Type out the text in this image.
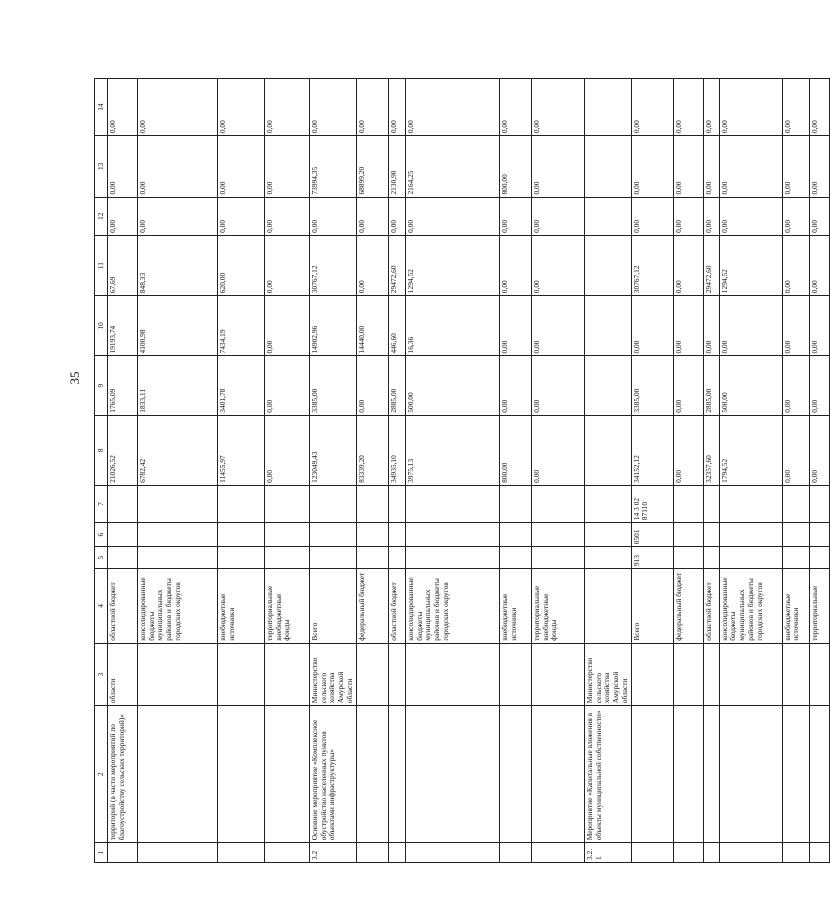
35
1	2	3	4	5	6	7	8	9	10	11	12	13	14
	территорий (в части мероприятий по благоустройству сельских территорий)»	области	областной бюджет				21026,52	1765,09	19193,74	67,69	0,00	0,00	0,00
			консолидированные бюджеты муниципальных районов и бюджеты городских округов				6782,42	1833,11	4100,98	848,33	0,00	0,00	0,00
			внебюджетные источники				11455,97	3401,78	7434,19	620,00	0,00	0,00	0,00
			территориальные внебюджетные фонды				0,00	0,00	0,00	0,00	0,00	0,00	0,00
3.2	Основное мероприятие «Комплексное обустройство населенных пунктов объектами инфраструктуры»	Министерство сельского хозяйства Амурской области	Всего				123049,43	3385,00	14902,96	30767,12	0,00	73994,35	0,00
			федеральный бюджет				83339,20	0,00	14440,00	0,00	0,00	68899,20	0,00
			областной бюджет				34935,10	2885,00	446,60	29472,60	0,00	2130,90	0,00
			консолидированные бюджеты муниципальных районов и бюджеты городских округов				3975,13	500,00	16,36	1294,52	0,00	2164,25	0,00
			внебюджетные источники				800,00	0,00	0,00	0,00	0,00	800,00	0,00
			территориальные внебюджетные фонды				0,00	0,00	0,00	0,00	0,00	0,00	0,00
3.2.1	Мероприятие «Капитальные вложения в объекты муниципальной собственности»	Министерство сельского хозяйства Амурской области											
			Всего	913	0501	14 3 02 87110	34152,12	3385,00	0,00	30767,12	0,00	0,00	0,00
			федеральный бюджет				0,00	0,00	0,00	0,00	0,00	0,00	0,00
			областной бюджет				32357,60	2885,00	0,00	29472,60	0,00	0,00	0,00
			консолидированные бюджеты муниципальных районов и бюджеты городских округов				1794,52	500,00	0,00	1294,52	0,00	0,00	0,00
			внебюджетные источники				0,00	0,00	0,00	0,00	0,00	0,00	0,00
			территориальные				0,00	0,00	0,00	0,00	0,00	0,00	0,00
